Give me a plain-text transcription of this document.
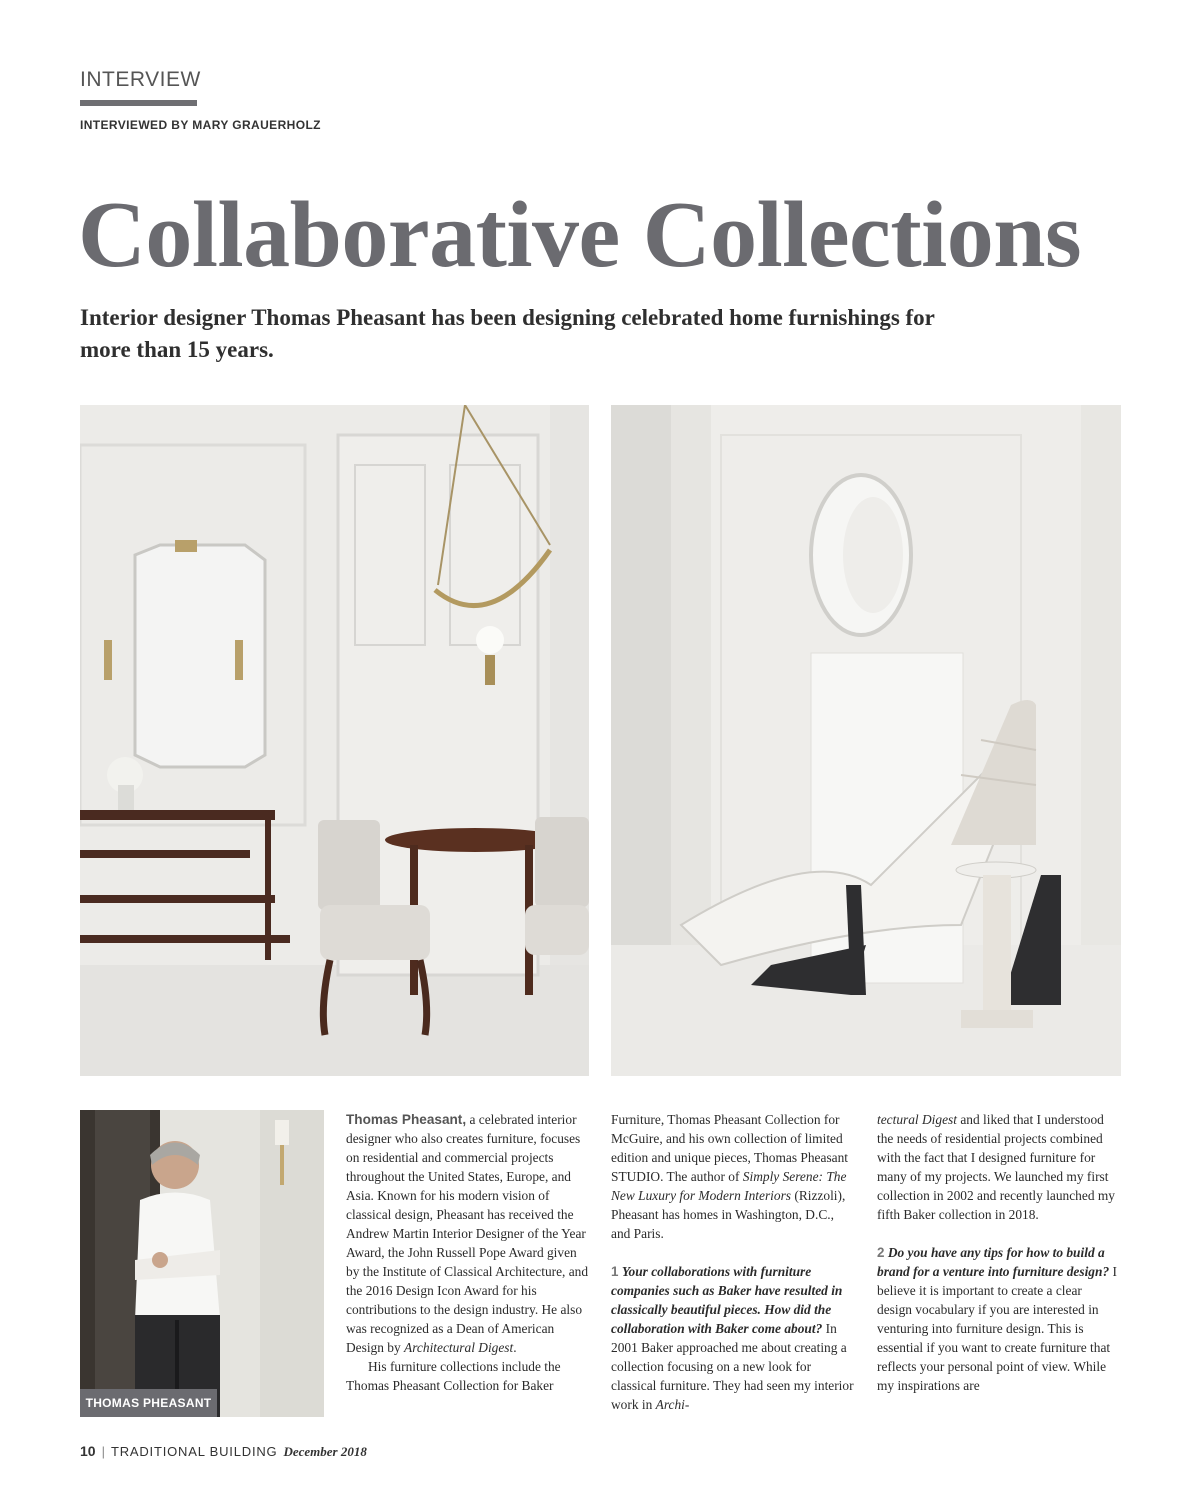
INTERVIEW
INTERVIEWED BY MARY GRAUERHOLZ
Collaborative Collections
Interior designer Thomas Pheasant has been designing celebrated home furnishings for more than 15 years.
THOMAS PHEASANT

Thomas Pheasant, a celebrated interior designer who also creates furniture, focuses on residential and commercial projects throughout the United States, Europe, and Asia. Known for his modern vision of classical design, Pheasant has received the Andrew Martin Interior Designer of the Year Award, the John Russell Pope Award given by the Institute of Classical Architecture, and the 2016 Design Icon Award for his contributions to the design industry. He also was recognized as a Dean of American Design by Architectural Digest.

His furniture collections include the Thomas Pheasant Collection for Baker

Furniture, Thomas Pheasant Collection for McGuire, and his own collection of limited edition and unique pieces, Thomas Pheasant STUDIO. The author of Simply Serene: The New Luxury for Modern Interiors (Rizzoli), Pheasant has homes in Washington, D.C., and Paris.

1 Your collaborations with furniture companies such as Baker have resulted in classically beautiful pieces. How did the collaboration with Baker come about? In 2001 Baker approached me about creating a collection focusing on a new look for classical furniture. They had seen my interior work in Archi-

tectural Digest and liked that I understood the needs of residential projects combined with the fact that I designed furniture for many of my projects. We launched my first collection in 2002 and recently launched my fifth Baker collection in 2018.

2 Do you have any tips for how to build a brand for a venture into furniture design? I believe it is important to create a clear design vocabulary if you are interested in venturing into furniture design. This is essential if you want to create furniture that reflects your personal point of view. While my inspirations are

10 | TRADITIONAL BUILDING December 2018
